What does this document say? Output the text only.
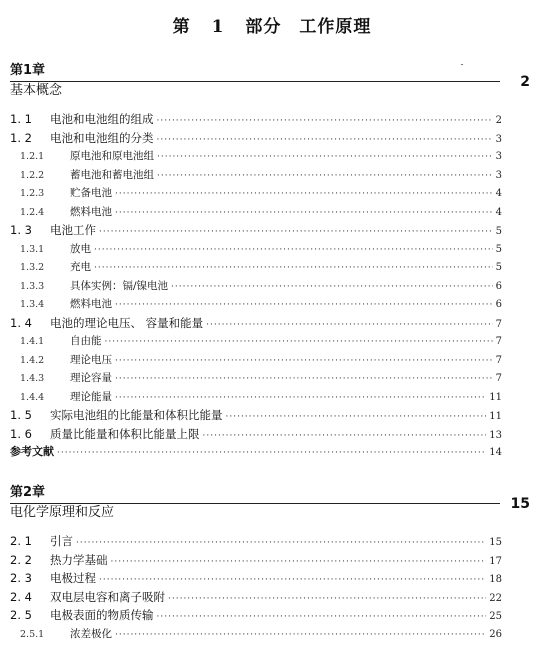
第 1 部分　工作原理
第1章
基本概念
2
1. 1	电池和电池组的组成 ·····	2
1. 2	电池和电池组的分类 ·····	3
1.2.1	原电池和原电池组 ·····	3
1.2.2	蓄电池和蓄电池组 ·····	3
1.2.3	贮备电池 ·····	4
1.2.4	燃料电池 ·····	4
1. 3	电池工作 ·····	5
1.3.1	放电 ·····	5
1.3.2	充电 ·····	5
1.3.3	具体实例：镉/镍电池 ·····	6
1.3.4	燃料电池 ·····	6
1. 4	电池的理论电压、 容量和能量 ·····	7
1.4.1	自由能 ·····	7
1.4.2	理论电压 ·····	7
1.4.3	理论容量 ·····	7
1.4.4	理论能量 ·····	11
1. 5	实际电池组的比能量和体积比能量 ·····	11
1. 6	质量比能量和体积比能量上限 ·····	13
参考文献 ·····	14
第2章
电化学原理和反应
15
2. 1	引言 ·····	15
2. 2	热力学基础 ·····	17
2. 3	电极过程 ·····	18
2. 4	双电层电容和离子吸附 ·····	22
2. 5	电极表面的物质传输 ·····	25
2.5.1	浓差极化 ·····	26
